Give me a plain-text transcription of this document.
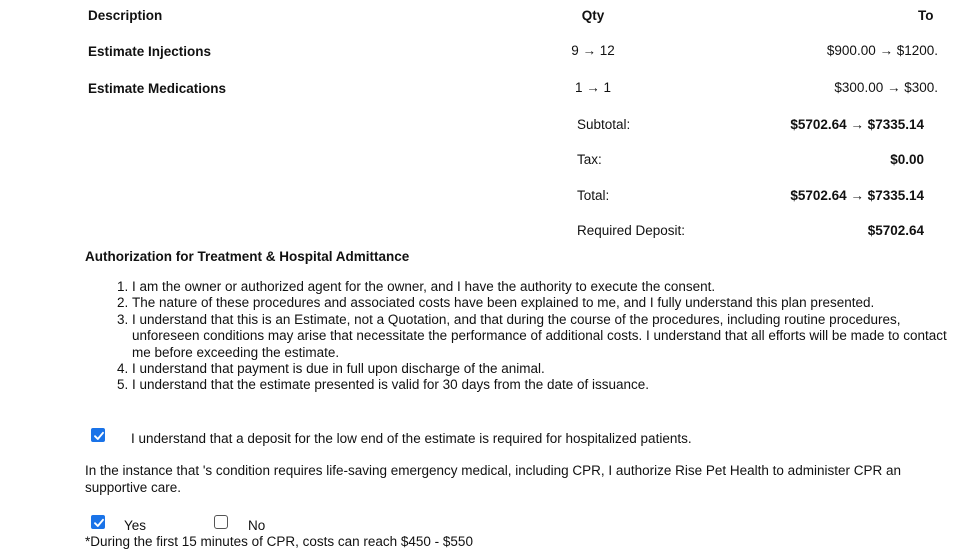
Description	Qty	To
Estimate Injections	9 → 12	$900.00 → $1200.
Estimate Medications	1 → 1	$300.00 → $300.
Subtotal:	$5702.64 → $7335.14
Tax:	$0.00
Total:	$5702.64 → $7335.14
Required Deposit:	$5702.64
Authorization for Treatment & Hospital Admittance
1. I am the owner or authorized agent for the owner, and I have the authority to execute the consent.
2. The nature of these procedures and associated costs have been explained to me, and I fully understand this plan presented.
3. I understand that this is an Estimate, not a Quotation, and that during the course of the procedures, including routine procedures, unforeseen conditions may arise that necessitate the performance of additional costs. I understand that all efforts will be made to contact me before exceeding the estimate.
4. I understand that payment is due in full upon discharge of the animal.
5. I understand that the estimate presented is valid for 30 days from the date of issuance.
I understand that a deposit for the low end of the estimate is required for hospitalized patients.
In the instance that 's condition requires life-saving emergency medical, including CPR, I authorize Rise Pet Health to administer CPR an supportive care.
Yes	No
*During the first 15 minutes of CPR, costs can reach $450 - $550
